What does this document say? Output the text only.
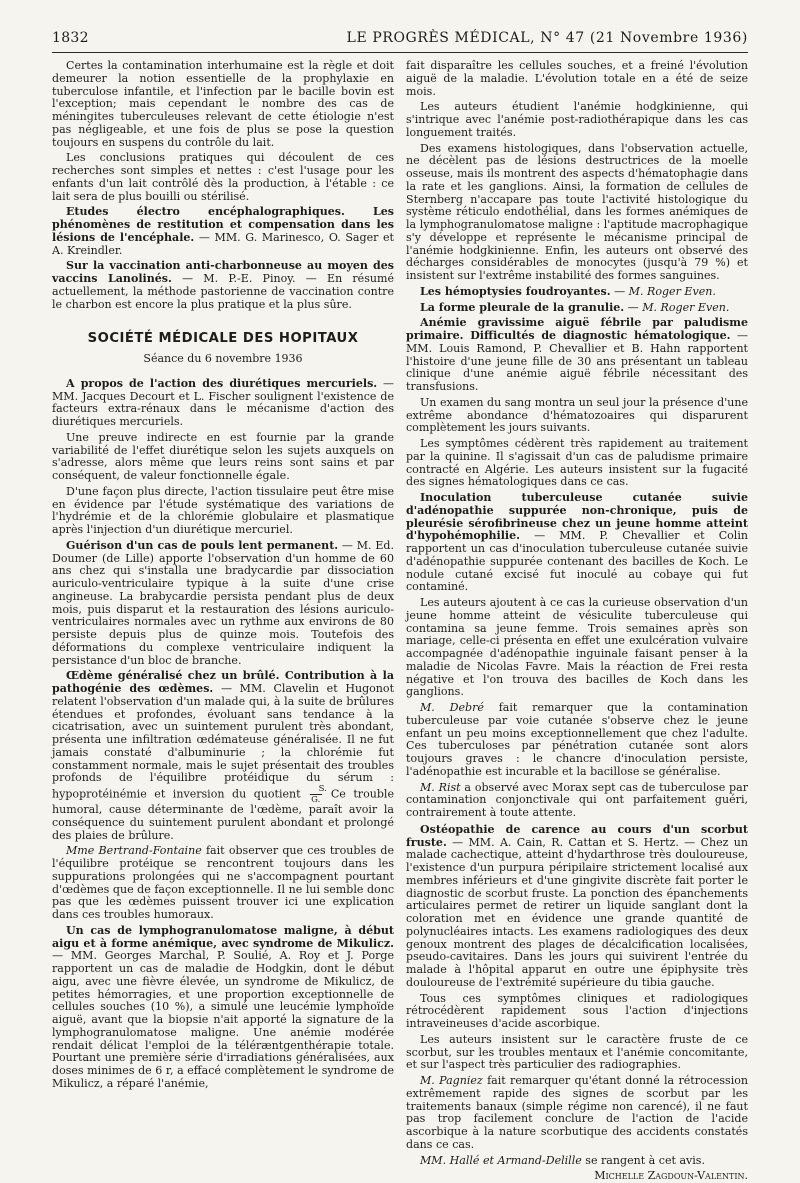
1832	LE PROGRÈS MÉDICAL, N° 47 (21 Novembre 1936)

Certes la contamination interhumaine est la règle et doit demeurer la notion essentielle de la prophylaxie en tuberculose infantile, et l'infection par le bacille bovin est l'exception; mais cependant le nombre des cas de méningites tuberculeuses relevant de cette étiologie n'est pas négligeable, et une fois de plus se pose la question toujours en suspens du contrôle du lait.

Les conclusions pratiques qui découlent de ces recherches sont simples et nettes : c'est l'usage pour les enfants d'un lait contrôlé dès la production, à l'étable : ce lait sera de plus bouilli ou stérilisé.

Etudes électro encéphalographiques. Les phénomènes de restitution et compensation dans les lésions de l'encéphale. — MM. G. Marinesco, O. Sager et A. Kreindler.

Sur la vaccination anti-charbonneuse au moyen des vaccins Lanolinés. — M. P.-E. Pinoy. — En résumé actuellement, la méthode pastorienne de vaccination contre le charbon est encore la plus pratique et la plus sûre.

SOCIÉTÉ MÉDICALE DES HOPITAUX
Séance du 6 novembre 1936

A propos de l'action des diurétiques mercuriels. — MM. Jacques Decourt et L. Fischer soulignent l'existence de facteurs extra-rénaux dans le mécanisme d'action des diurétiques mercuriels.

Une preuve indirecte en est fournie par la grande variabilité de l'effet diurétique selon les sujets auxquels on s'adresse, alors même que leurs reins sont sains et par conséquent, de valeur fonctionnelle égale.

D'une façon plus directe, l'action tissulaire peut être mise en évidence par l'étude systématique des variations de l'hydrémie et de la chlorémie globulaire et plasmatique après l'injection d'un diurétique mercuriel.

Guérison d'un cas de pouls lent permanent. — M. Ed. Doumer (de Lille) apporte l'observation d'un homme de 60 ans chez qui s'installa une bradycardie par dissociation auriculo-ventriculaire typique à la suite d'une crise angineuse. La brabycardie persista pendant plus de deux mois, puis disparut et la restauration des lésions auriculo-ventriculaires normales avec un rythme aux environs de 80 persiste depuis plus de quinze mois. Toutefois des déformations du complexe ventriculaire indiquent la persistance d'un bloc de branche.

Œdème généralisé chez un brûlé. Contribution à la pathogénie des œdèmes. — MM. Clavelin et Hugonot relatent l'observation d'un malade qui, à la suite de brûlures étendues et profondes, évoluant sans tendance à la cicatrisation, avec un suintement purulent très abondant, présenta une infiltration œdémateuse généralisée. Il ne fut jamais constaté d'albuminurie ; la chlorémie fut constamment normale, mais le sujet présentait des troubles profonds de l'équilibre protéidique du sérum : hypoprotéinémie et inversion du quotient S.
G. Ce trouble humoral, cause déterminante de l'œdème, paraît avoir la conséquence du suintement purulent abondant et prolongé des plaies de brûlure.

Mme Bertrand-Fontaine fait observer que ces troubles de l'équilibre protéique se rencontrent toujours dans les suppurations prolongées qui ne s'accompagnent pourtant d'œdèmes que de façon exceptionnelle. Il ne lui semble donc pas que les œdèmes puissent trouver ici une explication dans ces troubles humoraux.

Un cas de lymphogranulomatose maligne, à début aigu et à forme anémique, avec syndrome de Mikulicz. — MM. Georges Marchal, P. Soulié, A. Roy et J. Porge rapportent un cas de maladie de Hodgkin, dont le début aigu, avec une fièvre élevée, un syndrome de Mikulicz, de petites hémorragies, et une proportion exceptionnelle de cellules souches (10 %), a simulé une leucémie lymphoïde aiguë, avant que la biopsie n'ait apporté la signature de la lymphogranulomatose maligne. Une anémie modérée rendait délicat l'emploi de la téléræntgenthérapie totale. Pourtant une première série d'irradiations généralisées, aux doses minimes de 6 r, a effacé complètement le syndrome de Mikulicz, a réparé l'anémie,

fait disparaître les cellules souches, et a freiné l'évolution aiguë de la maladie. L'évolution totale en a été de seize mois.

Les auteurs étudient l'anémie hodgkinienne, qui s'intrique avec l'anémie post-radiothérapique dans les cas longuement traités.

Des examens histologiques, dans l'observation actuelle, ne décèlent pas de lésions destructrices de la moelle osseuse, mais ils montrent des aspects d'hématophagie dans la rate et les ganglions. Ainsi, la formation de cellules de Sternberg n'accapare pas toute l'activité histologique du système réticulo endothélial, dans les formes anémiques de la lymphogranulomatose maligne : l'aptitude macrophagique s'y développe et représente le mécanisme principal de l'anémie hodgkinienne. Enfin, les auteurs ont observé des décharges considérables de monocytes (jusqu'à 79 %) et insistent sur l'extrême instabilité des formes sanguines.

Les hémoptysies foudroyantes. — M. Roger Even.

La forme pleurale de la granulie. — M. Roger Even.

Anémie gravissime aiguë fébrile par paludisme primaire. Difficultés de diagnostic hématologique. — MM. Louis Ramond, P. Chevallier et B. Hahn rapportent l'histoire d'une jeune fille de 30 ans présentant un tableau clinique d'une anémie aiguë fébrile nécessitant des transfusions.

Un examen du sang montra un seul jour la présence d'une extrême abondance d'hématozoaires qui disparurent complètement les jours suivants.

Les symptômes cédèrent très rapidement au traitement par la quinine. Il s'agissait d'un cas de paludisme primaire contracté en Algérie. Les auteurs insistent sur la fugacité des signes hématologiques dans ce cas.

Inoculation tuberculeuse cutanée suivie d'adénopathie suppurée non-chronique, puis de pleurésie sérofibrineuse chez un jeune homme atteint d'hypohémophilie. — MM. P. Chevallier et Colin rapportent un cas d'inoculation tuberculeuse cutanée suivie d'adénopathie suppurée contenant des bacilles de Koch. Le nodule cutané excisé fut inoculé au cobaye qui fut contaminé.

Les auteurs ajoutent à ce cas la curieuse observation d'un jeune homme atteint de vésiculite tuberculeuse qui contamina sa jeune femme. Trois semaines après son mariage, celle-ci présenta en effet une exulcération vulvaire accompagnée d'adénopathie inguinale faisant penser à la maladie de Nicolas Favre. Mais la réaction de Frei resta négative et l'on trouva des bacilles de Koch dans les ganglions.

M. Debré fait remarquer que la contamination tuberculeuse par voie cutanée s'observe chez le jeune enfant un peu moins exceptionnellement que chez l'adulte. Ces tuberculoses par pénétration cutanée sont alors toujours graves : le chancre d'inoculation persiste, l'adénopathie est incurable et la bacillose se généralise.

M. Rist a observé avec Morax sept cas de tuberculose par contamination conjonctivale qui ont parfaitement guéri, contrairement à toute attente.

Ostéopathie de carence au cours d'un scorbut fruste. — MM. A. Cain, R. Cattan et S. Hertz. — Chez un malade cachectique, atteint d'hydarthrose très douloureuse, l'existence d'un purpura péripilaire strictement localisé aux membres inférieurs et d'une gingivite discrète fait porter le diagnostic de scorbut fruste. La ponction des épanchements articulaires permet de retirer un liquide sanglant dont la coloration met en évidence une grande quantité de polynucléaires intacts. Les examens radiologiques des deux genoux montrent des plages de décalcification localisées, pseudo-cavitaires. Dans les jours qui suivirent l'entrée du malade à l'hôpital apparut en outre une épiphysite très douloureuse de l'extrémité supérieure du tibia gauche.

Tous ces symptômes cliniques et radiologiques rétrocédèrent rapidement sous l'action d'injections intraveineuses d'acide ascorbique.

Les auteurs insistent sur le caractère fruste de ce scorbut, sur les troubles mentaux et l'anémie concomitante, et sur l'aspect très particulier des radiographies.

M. Pagniez fait remarquer qu'étant donné la rétrocession extrêmement rapide des signes de scorbut par les traitements banaux (simple régime non carencé), il ne faut pas trop facilement conclure de l'action de l'acide ascorbique à la nature scorbutique des accidents constatés dans ce cas.

MM. Hallé et Armand-Delille se rangent à cet avis.

Michelle Zagdoun-Valentin.
